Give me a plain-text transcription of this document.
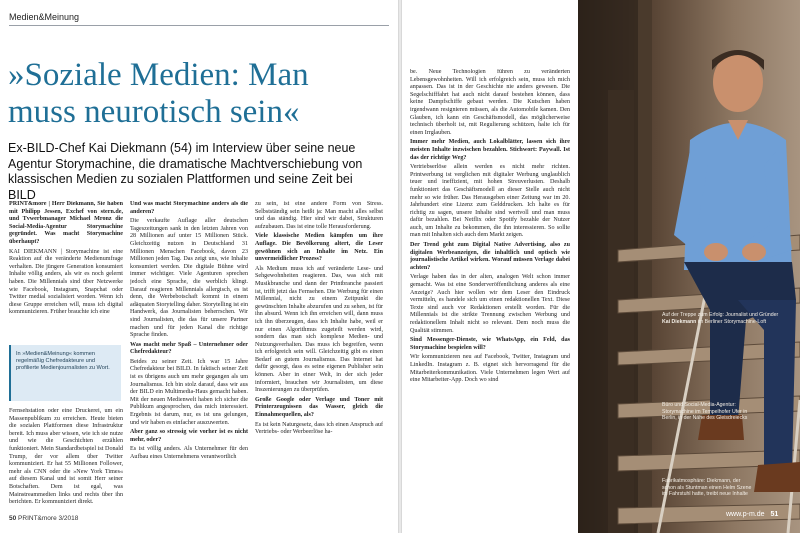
Medien&Meinung
»Soziale Medien: Man muss neurotisch sein«

Ex-BILD-Chef Kai Diekmann (54) im Interview über seine neue Agentur Storymachine, die dramatische Machtverschiebung von klassischen Medien zu sozialen Plattformen und seine Zeit bei BILD

PRINT&more | Herr Diekmann, Sie haben mit Philipp Jessen, Exchef von stern.de, und Tvwerbmanager Michael Mronz die Social-Media-Agentur Storymachine gegründet. Was macht Storymachine überhaupt?

KAI DIEKMANN | Storymachine ist eine Reaktion auf die veränderte Medienumfrage verhalten. Die jüngere Generation konsumiert Inhalte völlig anders, als wir es noch gelernt haben. Die Millennials sind über Netzwerke wie Facebook, Instagram, Snapchat oder Twitter medial sozialisiert worden. Wenn ich diese Gruppe erreichen will, muss ich digital kommunizieren. Früher brauchte ich eine

In »Medien&Meinung« kommen regelmäßig Chefredakteure und profilierte Medienjournalisten zu Wort.

Fernsehstation oder eine Druckerei, um ein Massenpublikum zu erreichen. Heute bieten die sozialen Plattformen diese Infrastruktur bereit. Ich muss aber wissen, wie ich sie nutze und wie die Geschichten erzählen funktioniert. Mein Standardbeispiel ist Donald Trump, der vor allem über Twitter kommuniziert. Er hat 55 Millionen Follower, mehr als CNN oder die »New York Times« auf diesem Kanal und ist somit Herr seiner Botschaften. Dem ist egal, was Mainstreammedien links und rechts über ihn berichten. Er kommuniziert direkt.

Und was macht Storymachine anders als die anderen?

Die verkaufte Auflage aller deutschen Tageszeitungen sank in den letzten Jahren von 28 Millionen auf unter 15 Millionen Stück. Gleichzeitig nutzen in Deutschland 31 Millionen Menschen Facebook, davon 23 Millionen jeden Tag. Das zeigt uns, wie Inhalte konsumiert werden. Die digitale Bühne wird immer wichtiger. Viele Agenturen sprechen jedoch eine Sprache, die werblich klingt. Darauf reagieren Millennials allergisch, es ist denn, die Werbebotschaft kommt in einem adäquaten Storytelling daher. Storytelling ist ein Handwerk, das Journalisten beherrschen. Wir sind Journalisten, die das für unsere Partner machen und für jeden Kanal die richtige Sprache finden.

Was macht mehr Spaß – Unternehmer oder Chefredakteur?

Beides zu seiner Zeit. Ich war 15 Jahre Chefredakteur bei BILD. In faktisch seiner Zeit ist es übrigens auch um mehr gegangen als um Journalismus. Ich bin stolz darauf, dass wir aus der BILD ein Multimedia-Haus gemacht haben. Mit der neuen Medienwelt haben ich sicher die Publikum angesprochen, das mich interessiert. Ergebnis ist darum, nur, es ist uns gelungen, und wir haben es einfacher auszuwerten.

Aber ganz so stressig wie vorher ist es nicht mehr, oder?

Es ist völlig anders. Als Unternehmer für den Aufbau eines Unternehmens verantwortlich

zu sein, ist eine andere Form von Stress. Selbstständig sein heißt ja: Man macht alles selbst und das ständig. Hier sind wir dabei, Strukturen aufzubauen. Das ist eine tolle Herausforderung.

Viele klassische Medien kämpfen um ihre Auflage. Die Bevölkerung altert, die Leser gewöhnen sich an Inhalte im Netz. Ein unvermeidlicher Prozess?

Als Medium muss ich auf veränderte Lese- und Sehgewohnheiten reagieren. Das, was sich mit Musikbranche und dann der Printbranche passiert ist, trifft jetzt das Fernsehen. Die Werbung für einen Millennial, nicht zu einem Zeitpunkt die gewünschten Inhalte abzurufen und zu sehen, ist für ihn absurd. Wenn ich ihn erreichen will, dann muss ich ihn überzeugen, dass ich Inhalte habe, weil er nur einen Algorithmus zugeteilt werden wird, sondern das man sich komplexe Medien- und Nutzungsverhalten. Das muss ich begreifen, wenn ich erfolgreich sein will. Gleichzeitig gibt es einen Bedarf an gutem Journalismus. Das Internet hat dafür gesorgt, dass es seine eigenen Publisher sein können. Aber in einer Welt, in der sich jeder informiert, brauchen wir Journalisten, um diese Inszenierungen zu überprüfen.

Große Google oder Verlage und Toner mit Printerzeugnissen das Wasser, gleich die Einnahmequellen, als?

Es ist kein Naturgesetz, dass ich einen Anspruch auf Vertriebs- oder Werbeerlöse ha-

50 PRINT&more 3/2018

be. Neue Technologien führen zu veränderten Lebensgewohnheiten. Will ich erfolgreich sein, muss ich mich anpassen. Das ist in der Geschichte nie anders gewesen. Die Segelschifffahrt hat auch nicht darauf bestehen können, dass keine Dampfschiffe gebaut werden. Die Kutschen haben irgendwann resignieren müssen, als die Automobile kamen. Den Glauben, ich kann ein Geschäftsmodell, das möglicherweise technisch überholt ist, mit Regulierung schützen, halte ich für einen Irrglauben.

Immer mehr Medien, auch Lokalblätter, lassen sich ihre meisten Inhalte inzwischen bezahlen. Stichwort: Paywall. Ist das der richtige Weg?

Vertriebserlöse allein werden es nicht mehr richten. Printwerbung ist verglichen mit digitaler Werbung unglaublich teuer und ineffizient, mit hohen Streuverlusten. Deshalb funktioniert das Geschäftsmodell an dieser Stelle auch nicht mehr so wie früher. Das Herausgeben einer Zeitung war im 20. Jahrhundert eine Lizenz zum Gelddrucken. Ich halte es für richtig zu sagen, unsere Inhalte sind wertvoll und man muss dafür bezahlen. Bei Netflix oder Spotify bezahle der Nutzer auch, um Inhalte zu bekommen, die ihn interessieren. So sollte man mit Inhalten sich auch dem Markt zeigen.

Der Trend geht zum Digital Native Advertising, also zu digitalen Werbeanzeigen, die inhaltlich und optisch wie journalistische Artikel wirken. Worauf müssen Verlage dabei achten?

Verlage haben das in der alten, analogen Welt schon immer gemacht. Was ist eine Sonderveröffentlichung anderes als eine Anzeige? Auch hier wollen wir dem Leser den Eindruck vermitteln, es handele sich um einen redaktionellen Text. Diese Texte sind auch vor Redaktionen erstellt worden. Für die Millennials ist die strikte Trennung zwischen Werbung und redaktionellem Inhalt nicht so relevant. Dem noch muss die Qualität stimmen.

Sind Messenger-Dienste, wie WhatsApp, ein Feld, das Storymachine bespielen will?

Wir kommunizieren neu auf Facebook, Twitter, Instagram und LinkedIn. Instagram z. B. eignet sich hervorragend für die Mitarbeiterkommunikation. Viele Unternehmen legen Wert auf eine Mitarbeiter-App. Doch wo sind

Auf der Treppe zum Erfolg: Journalist und Gründer Kai Diekmann im Berliner Storymachine-Loft
Büro und Social-Media-Agentur: Storymachine im Tempelhofer Ufer in Berlin, in der Nähe des Gleisdreiecks
Fabrikatmosphäre: Diekmann, der schon als Stuntman einen Helm Szene im Fahrstuhl hatte, treibt neue Inhalte
www.p-m.de 51
